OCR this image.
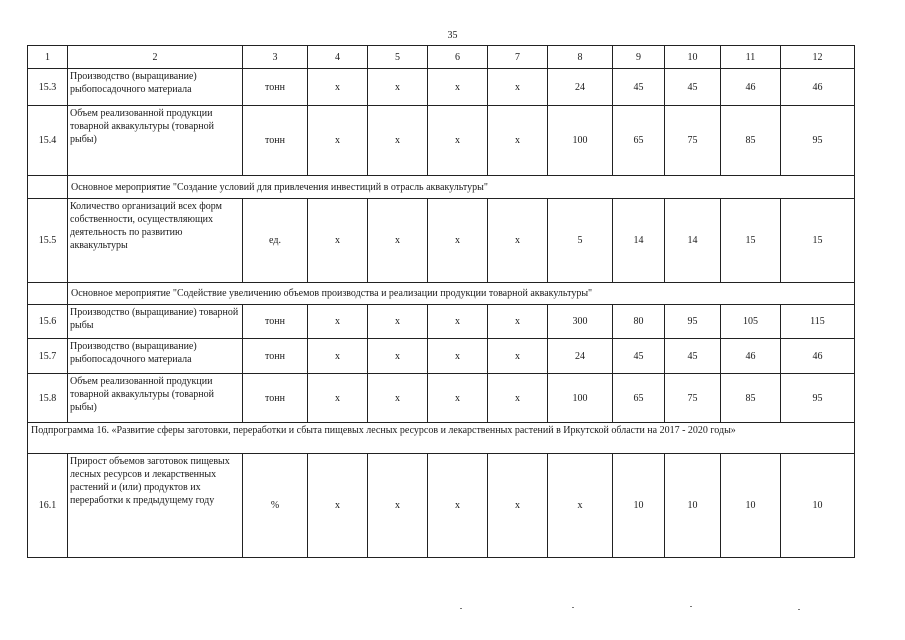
35
1	2	3	4	5	6	7	8	9	10	11	12
15.3	Производство (выращивание) рыбопосадочного материала	тонн	х	х	х	х	24	45	45	46	46
15.4	Объем реализованной продукции товарной аквакультуры (товарной рыбы)	тонн	х	х	х	х	100	65	75	85	95
	Основное мероприятие "Создание условий для привлечения инвестиций в отрасль аквакультуры"										
15.5	Количество организаций всех форм собственности, осуществляющих деятельность по развитию аквакультуры	ед.	х	х	х	х	5	14	14	15	15
	Основное мероприятие "Содействие увеличению объемов производства и реализации продукции товарной аквакультуры"										
15.6	Производство (выращивание) товарной рыбы	тонн	х	х	х	х	300	80	95	105	115
15.7	Производство (выращивание) рыбопосадочного материала	тонн	х	х	х	х	24	45	45	46	46
15.8	Объем реализованной продукции товарной аквакультуры (товарной рыбы)	тонн	х	х	х	х	100	65	75	85	95
Подпрограмма 16. «Развитие сферы заготовки, переработки и сбыта пищевых лесных ресурсов и лекарственных растений в Иркутской области на 2017 - 2020 годы»											
16.1	Прирост объемов заготовок пищевых лесных ресурсов и лекарственных растений и (или) продуктов их переработки к предыдущему году	%	х	х	х	х	х	10	10	10	10
